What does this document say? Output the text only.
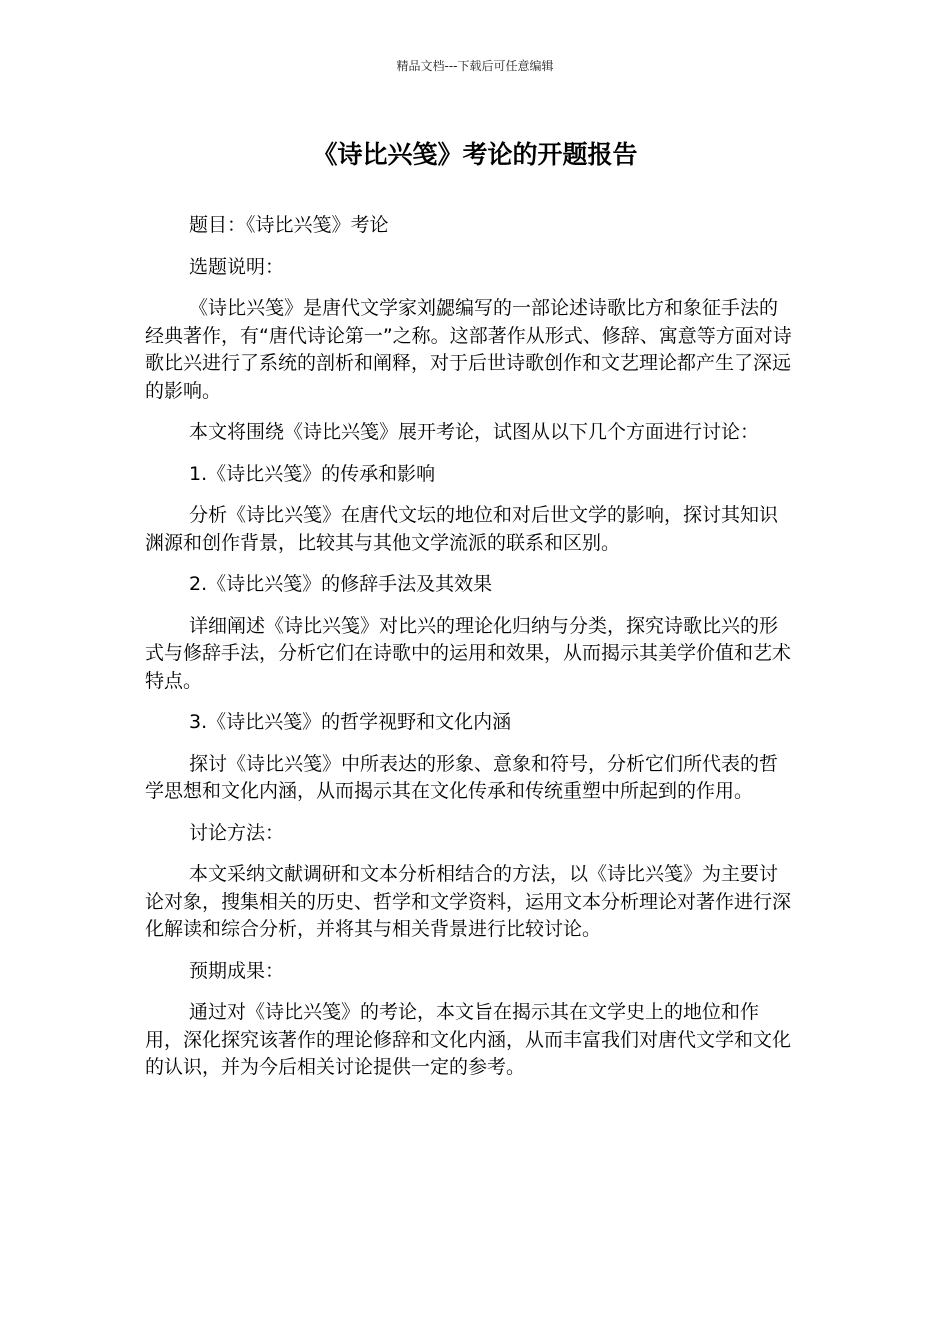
精品文档---下载后可任意编辑
《诗比兴笺》考论的开题报告

题目：《诗比兴笺》考论

选题说明：

《诗比兴笺》是唐代文学家刘勰编写的一部论述诗歌比方和象征手法的经典著作，有“唐代诗论第一”之称。这部著作从形式、修辞、寓意等方面对诗歌比兴进行了系统的剖析和阐释，对于后世诗歌创作和文艺理论都产生了深远的影响。

本文将围绕《诗比兴笺》展开考论，试图从以下几个方面进行讨论：

1.《诗比兴笺》的传承和影响

分析《诗比兴笺》在唐代文坛的地位和对后世文学的影响，探讨其知识渊源和创作背景，比较其与其他文学流派的联系和区别。

2.《诗比兴笺》的修辞手法及其效果

详细阐述《诗比兴笺》对比兴的理论化归纳与分类，探究诗歌比兴的形式与修辞手法，分析它们在诗歌中的运用和效果，从而揭示其美学价值和艺术特点。

3.《诗比兴笺》的哲学视野和文化内涵

探讨《诗比兴笺》中所表达的形象、意象和符号，分析它们所代表的哲学思想和文化内涵，从而揭示其在文化传承和传统重塑中所起到的作用。

讨论方法：

本文采纳文献调研和文本分析相结合的方法，以《诗比兴笺》为主要讨论对象，搜集相关的历史、哲学和文学资料，运用文本分析理论对著作进行深化解读和综合分析，并将其与相关背景进行比较讨论。

预期成果：

通过对《诗比兴笺》的考论，本文旨在揭示其在文学史上的地位和作用，深化探究该著作的理论修辞和文化内涵，从而丰富我们对唐代文学和文化的认识，并为今后相关讨论提供一定的参考。
